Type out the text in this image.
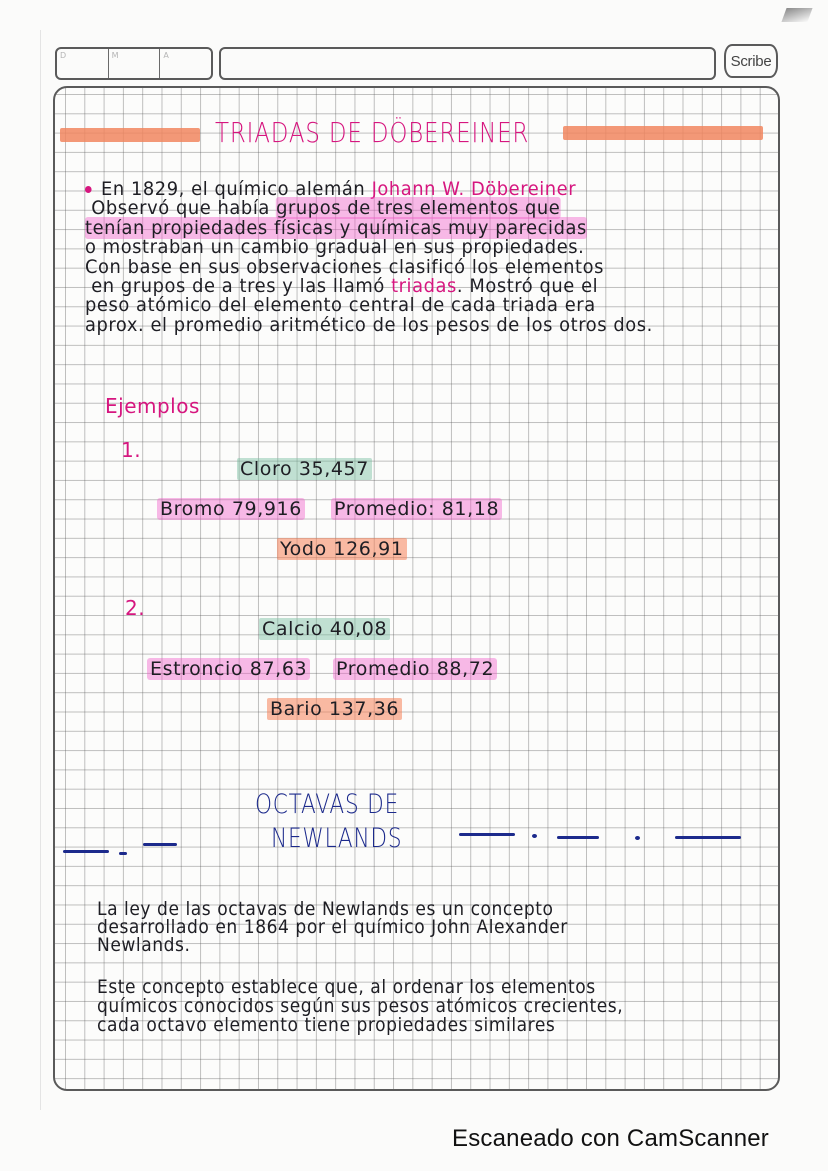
D	M	A	Scribe
TRIADAS DE DÖBEREINER
En 1829, el químico alemán Johann W. Döbereiner
Observó que había grupos de tres elementos que
tenían propiedades físicas y químicas muy parecidas
o mostraban un cambio gradual en sus propiedades.
Con base en sus observaciones clasificó los elementos
en grupos de a tres y las llamó triadas. Mostró que el
peso atómico del elemento central de cada triada era
aprox. el promedio aritmético de los pesos de los otros dos.
Ejemplos
1.
Cloro 35,457
Bromo 79,916 Promedio: 81,18
Yodo 126,91
2.
Calcio 40,08
Estroncio 87,63 Promedio 88,72
Bario 137,36
OCTAVAS DE
NEWLANDS
La ley de las octavas de Newlands es un concepto
desarrollado en 1864 por el químico John Alexander
Newlands.
Este concepto establece que, al ordenar los elementos
químicos conocidos según sus pesos atómicos crecientes,
cada octavo elemento tiene propiedades similares
Escaneado con CamScanner
